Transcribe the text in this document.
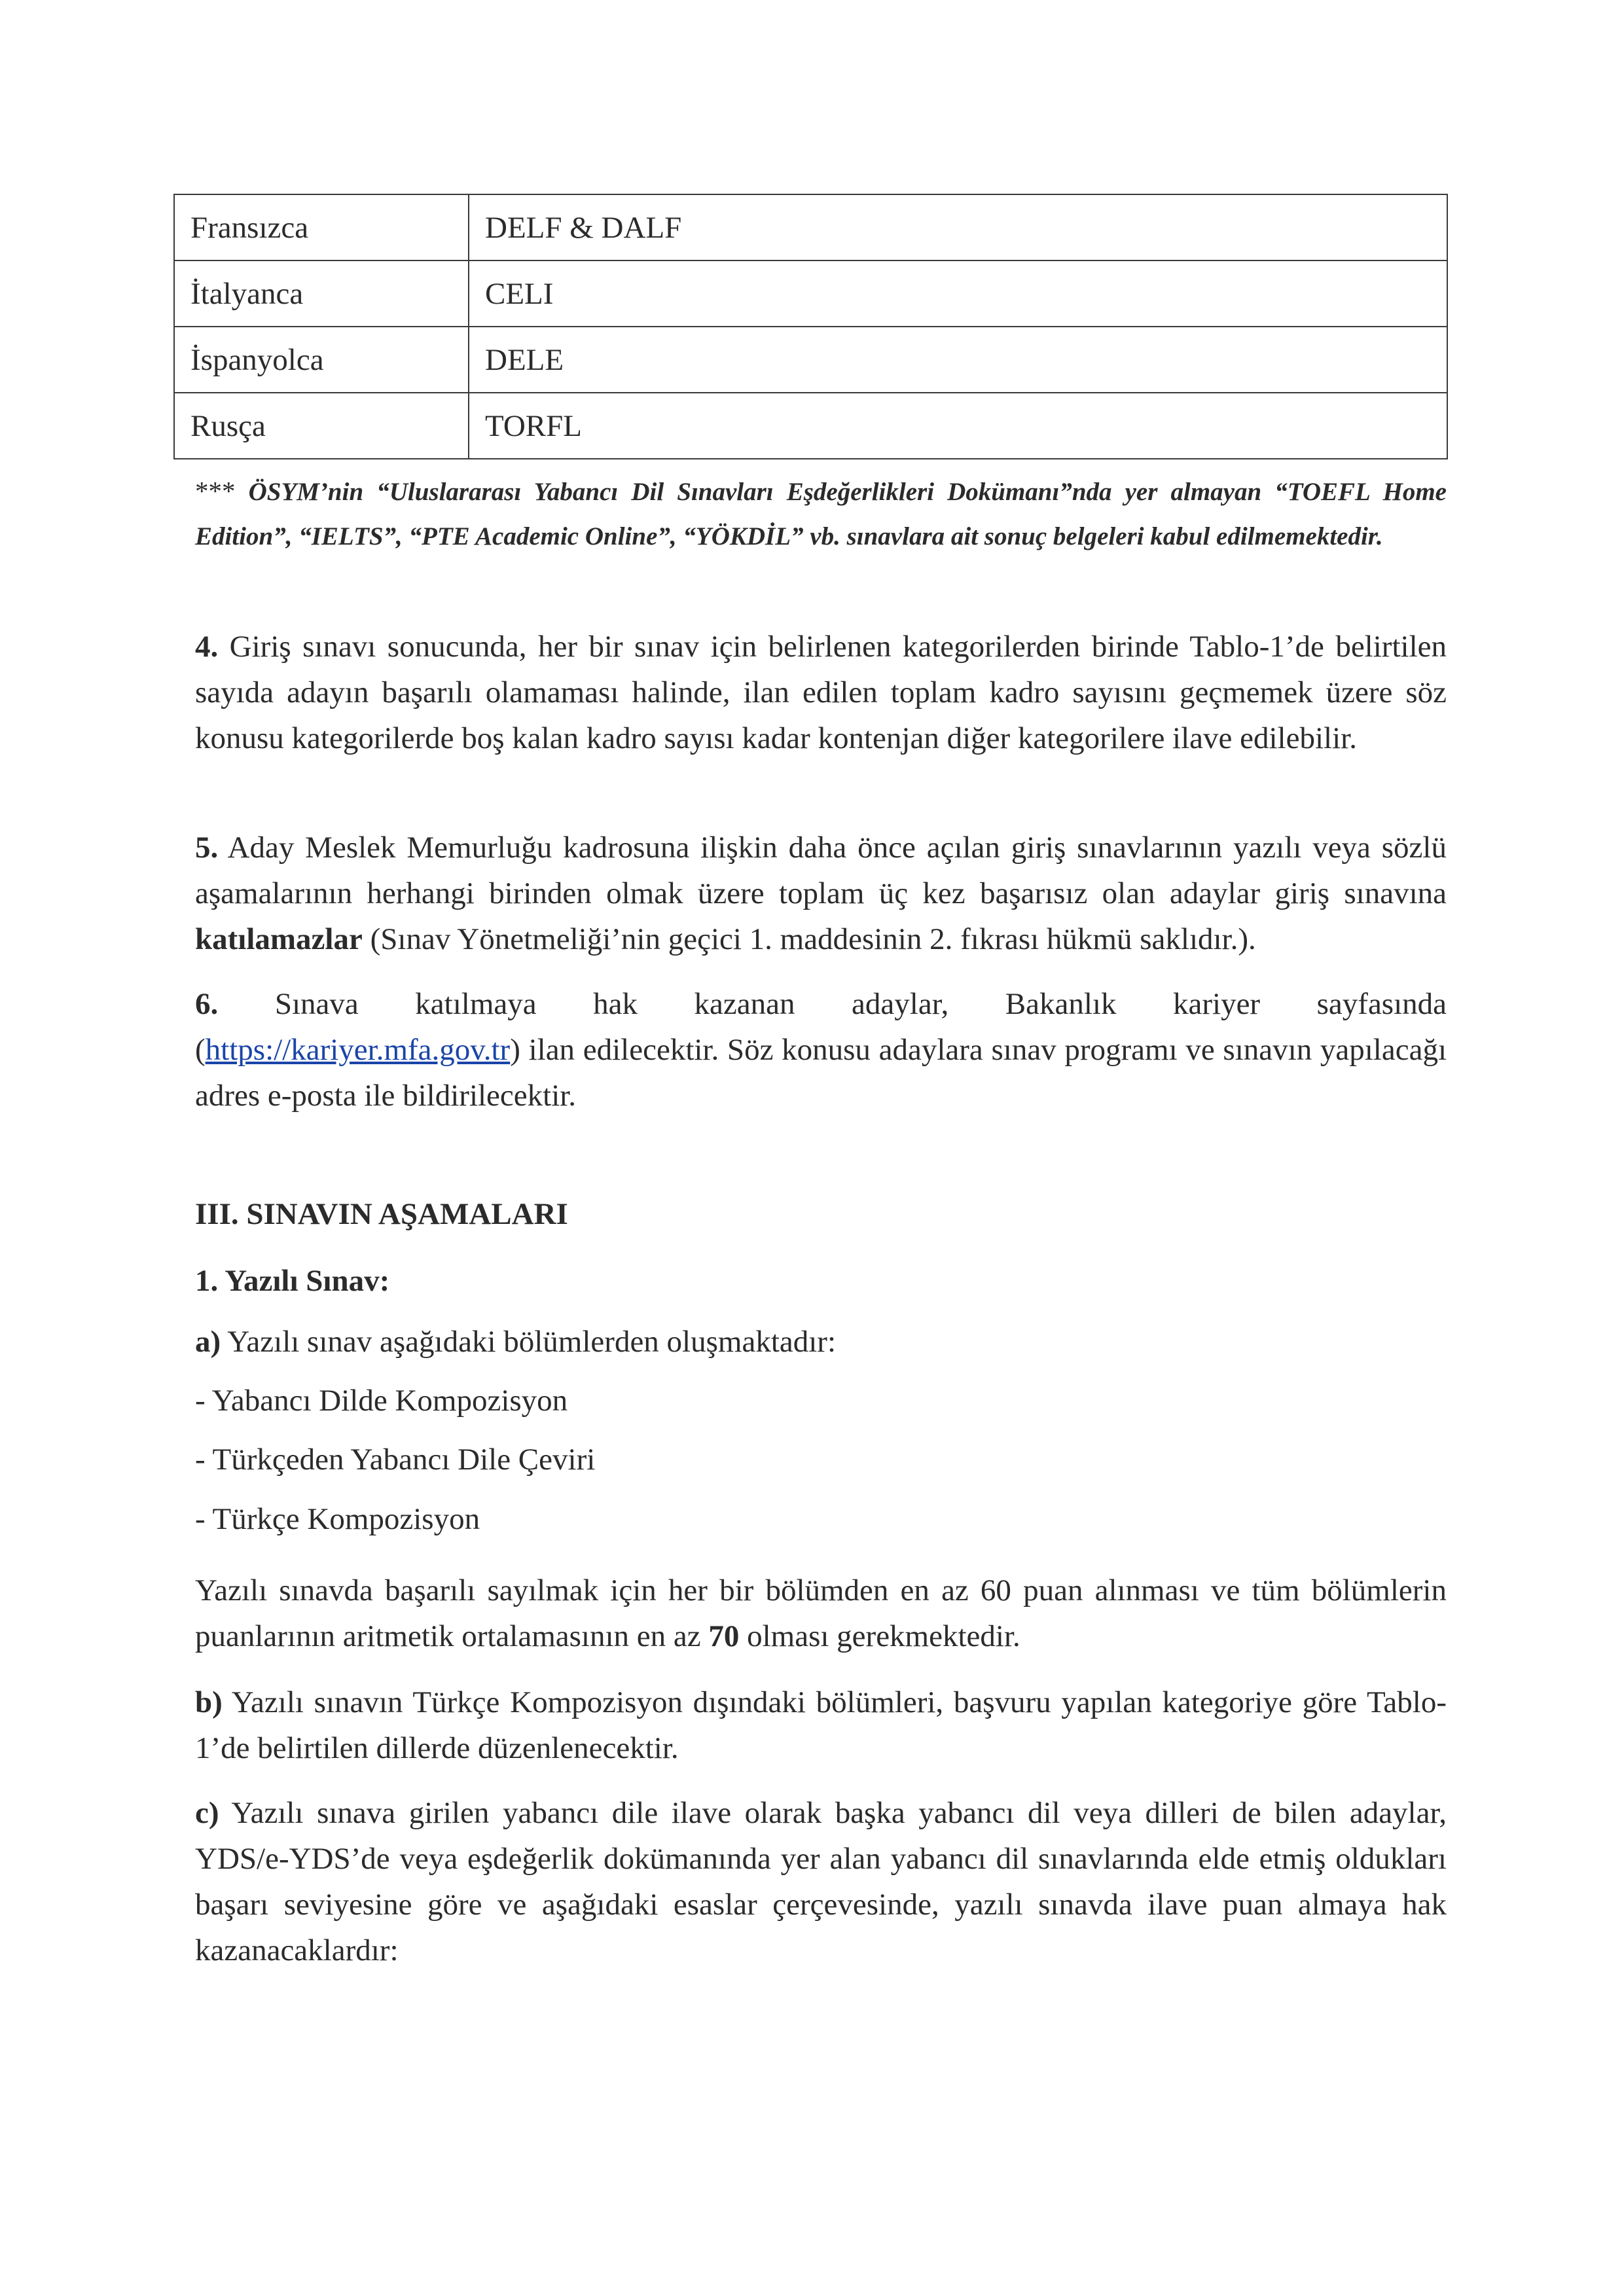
Fransızca	DELF & DALF
İtalyanca	CELI
İspanyolca	DELE
Rusça	TORFL
*** ÖSYM’nin “Uluslararası Yabancı Dil Sınavları Eşdeğerlikleri Dokümanı”nda yer almayan “TOEFL Home Edition”, “IELTS”, “PTE Academic Online”, “YÖKDİL” vb. sınavlara ait sonuç belgeleri kabul edilmemektedir.
4. Giriş sınavı sonucunda, her bir sınav için belirlenen kategorilerden birinde Tablo-1’de belirtilen sayıda adayın başarılı olamaması halinde, ilan edilen toplam kadro sayısını geçmemek üzere söz konusu kategorilerde boş kalan kadro sayısı kadar kontenjan diğer kategorilere ilave edilebilir.
5. Aday Meslek Memurluğu kadrosuna ilişkin daha önce açılan giriş sınavlarının yazılı veya sözlü aşamalarının herhangi birinden olmak üzere toplam üç kez başarısız olan adaylar giriş sınavına katılamazlar (Sınav Yönetmeliği’nin geçici 1. maddesinin 2. fıkrası hükmü saklıdır.).
6. Sınava katılmaya hak kazanan adaylar, Bakanlık kariyer sayfasında
(https://kariyer.mfa.gov.tr) ilan edilecektir. Söz konusu adaylara sınav programı ve sınavın yapılacağı adres e-posta ile bildirilecektir.
III. SINAVIN AŞAMALARI
1. Yazılı Sınav:
a) Yazılı sınav aşağıdaki bölümlerden oluşmaktadır:
- Yabancı Dilde Kompozisyon
- Türkçeden Yabancı Dile Çeviri
- Türkçe Kompozisyon
Yazılı sınavda başarılı sayılmak için her bir bölümden en az 60 puan alınması ve tüm bölümlerin puanlarının aritmetik ortalamasının en az 70 olması gerekmektedir.
b) Yazılı sınavın Türkçe Kompozisyon dışındaki bölümleri, başvuru yapılan kategoriye göre Tablo-1’de belirtilen dillerde düzenlenecektir.
c) Yazılı sınava girilen yabancı dile ilave olarak başka yabancı dil veya dilleri de bilen adaylar, YDS/e-YDS’de veya eşdeğerlik dokümanında yer alan yabancı dil sınavlarında elde etmiş oldukları başarı seviyesine göre ve aşağıdaki esaslar çerçevesinde, yazılı sınavda ilave puan almaya hak kazanacaklardır:
